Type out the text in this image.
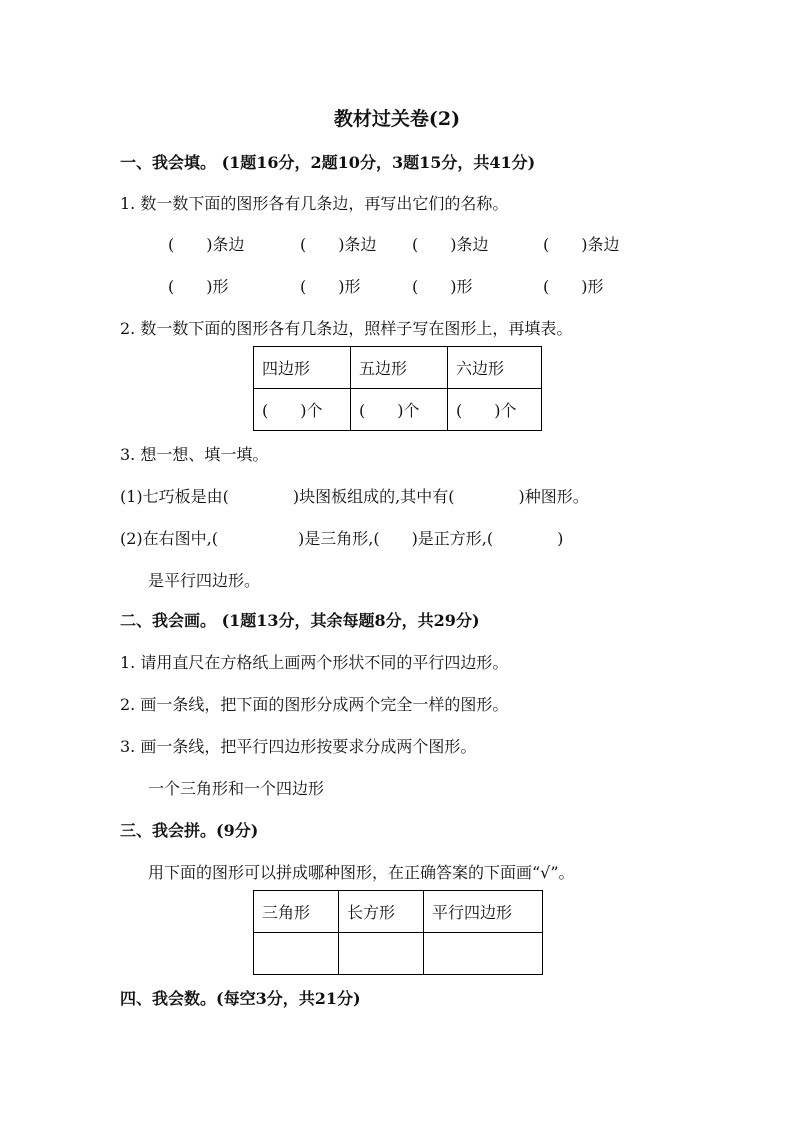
教材过关卷(2)
一、我会填。 (1题16分，2题10分，3题15分，共41分)
1. 数一数下面的图形各有几条边，再写出它们的名称。
(　　)条边	(　　)条边 (　　)条边	(　　)条边
(　　)形	(　　)形	(　　)形	(　　)形
2. 数一数下面的图形各有几条边，照样子写在图形上，再填表。
四边形	五边形	六边形
(　　)个	(　　)个	(　　)个
3. 想一想、填一填。
(1)七巧板是由(　　　　)块图板组成的,其中有(　　　　)种图形。
(2)在右图中,(　　　　　)是三角形,(　　)是正方形,(　　　　)
是平行四边形。
二、我会画。 (1题13分，其余每题8分，共29分)
1. 请用直尺在方格纸上画两个形状不同的平行四边形。
2. 画一条线，把下面的图形分成两个完全一样的图形。
3. 画一条线，把平行四边形按要求分成两个图形。
一个三角形和一个四边形
三、我会拼。(9分)
用下面的图形可以拼成哪种图形，在正确答案的下面画“√”。
三角形	长方形	平行四边形

四、我会数。(每空3分，共21分)
